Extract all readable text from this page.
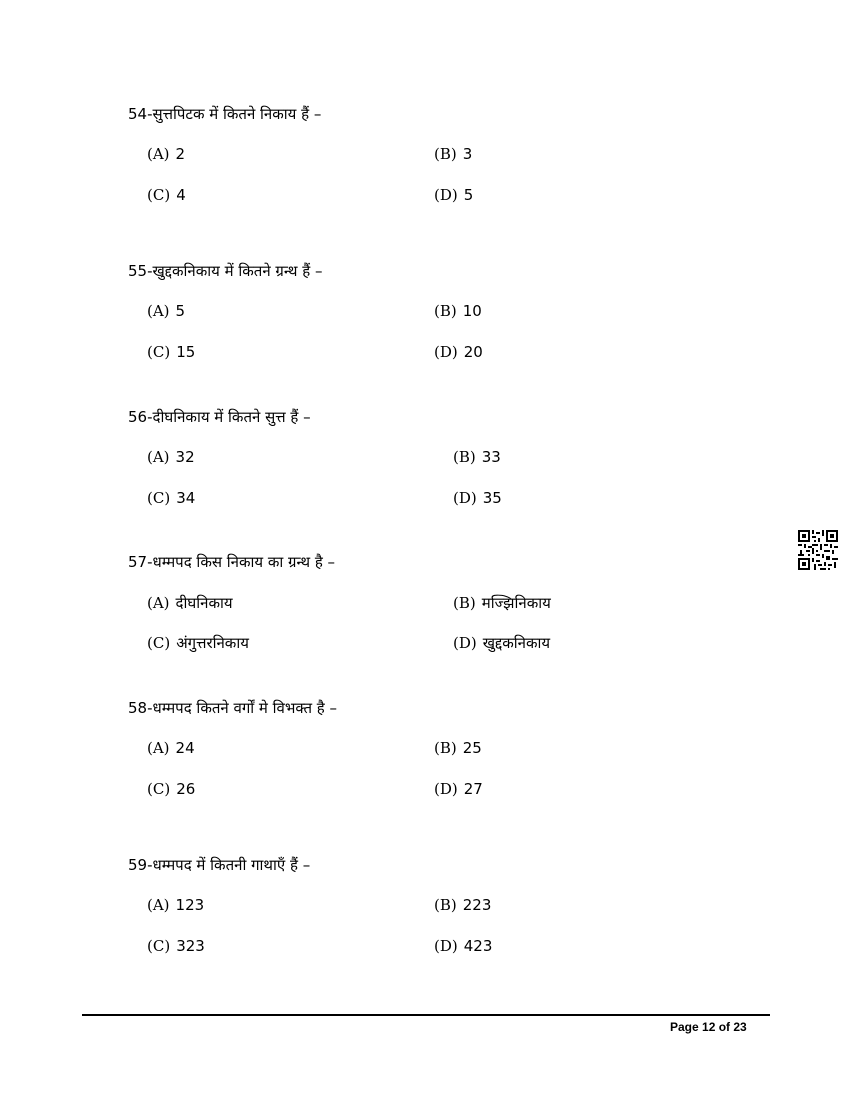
54-सुत्तपिटक में कितने निकाय हैं –
(A) 2	(B) 3
(C) 4	(D) 5
55-खुद्दकनिकाय में कितने ग्रन्थ हैं –
(A) 5	(B) 10
(C) 15	(D) 20
56-दीघनिकाय में कितने सुत्त हैं –
(A) 32	(B) 33
(C) 34	(D) 35
57-धम्मपद किस निकाय का ग्रन्थ है –
(A) दीघनिकाय	(B) मज्झिनिकाय
(C) अंगुत्तरनिकाय	(D) खुद्दकनिकाय
58-धम्मपद कितने वर्गों मे विभक्त है –
(A) 24	(B) 25
(C) 26	(D) 27
59-धम्मपद में कितनी गाथाएँ हैं –
(A) 123	(B) 223
(C) 323	(D) 423
Page 12 of 23
